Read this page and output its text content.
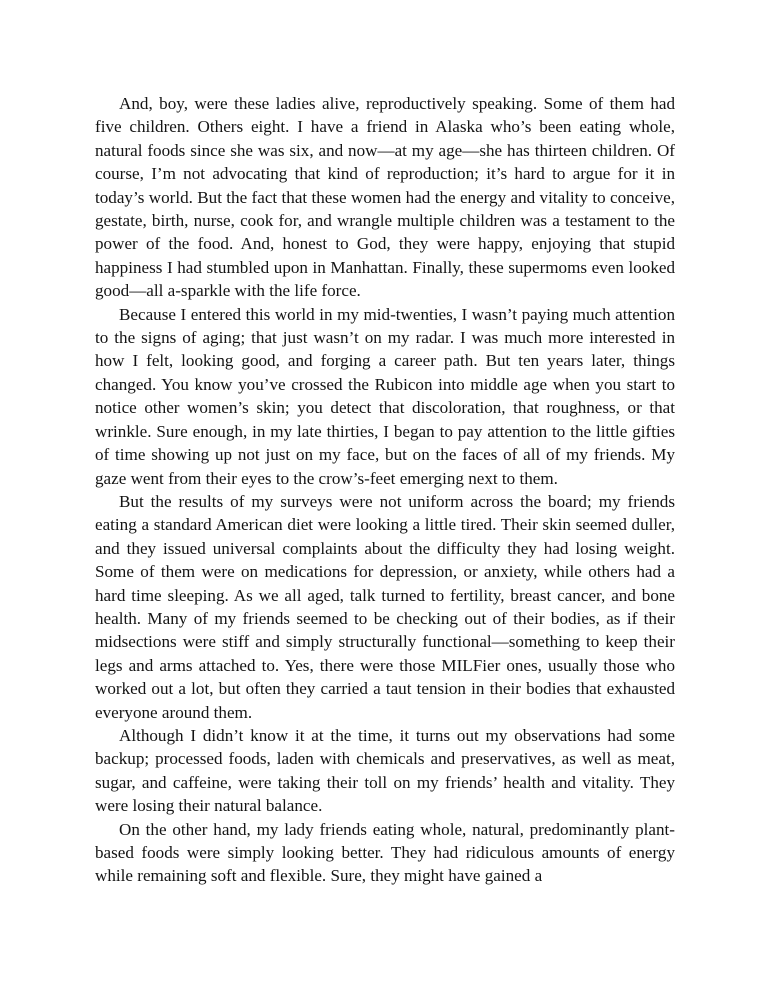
And, boy, were these ladies alive, reproductively speaking. Some of them had five children. Others eight. I have a friend in Alaska who’s been eating whole, natural foods since she was six, and now—at my age—she has thirteen children. Of course, I’m not advocating that kind of reproduction; it’s hard to argue for it in today’s world. But the fact that these women had the energy and vitality to conceive, gestate, birth, nurse, cook for, and wrangle multiple children was a testament to the power of the food. And, honest to God, they were happy, enjoying that stupid happiness I had stumbled upon in Manhattan. Finally, these supermoms even looked good—all a-sparkle with the life force.

Because I entered this world in my mid-twenties, I wasn’t paying much attention to the signs of aging; that just wasn’t on my radar. I was much more interested in how I felt, looking good, and forging a career path. But ten years later, things changed. You know you’ve crossed the Rubicon into middle age when you start to notice other women’s skin; you detect that discoloration, that roughness, or that wrinkle. Sure enough, in my late thirties, I began to pay attention to the little gifties of time showing up not just on my face, but on the faces of all of my friends. My gaze went from their eyes to the crow’s-feet emerging next to them.

But the results of my surveys were not uniform across the board; my friends eating a standard American diet were looking a little tired. Their skin seemed duller, and they issued universal complaints about the difficulty they had losing weight. Some of them were on medications for depression, or anxiety, while others had a hard time sleeping. As we all aged, talk turned to fertility, breast cancer, and bone health. Many of my friends seemed to be checking out of their bodies, as if their midsections were stiff and simply structurally functional—something to keep their legs and arms attached to. Yes, there were those MILFier ones, usually those who worked out a lot, but often they carried a taut tension in their bodies that exhausted everyone around them.

Although I didn’t know it at the time, it turns out my observations had some backup; processed foods, laden with chemicals and preservatives, as well as meat, sugar, and caffeine, were taking their toll on my friends’ health and vitality. They were losing their natural balance.

On the other hand, my lady friends eating whole, natural, predominantly plant-based foods were simply looking better. They had ridiculous amounts of energy while remaining soft and flexible. Sure, they might have gained a
